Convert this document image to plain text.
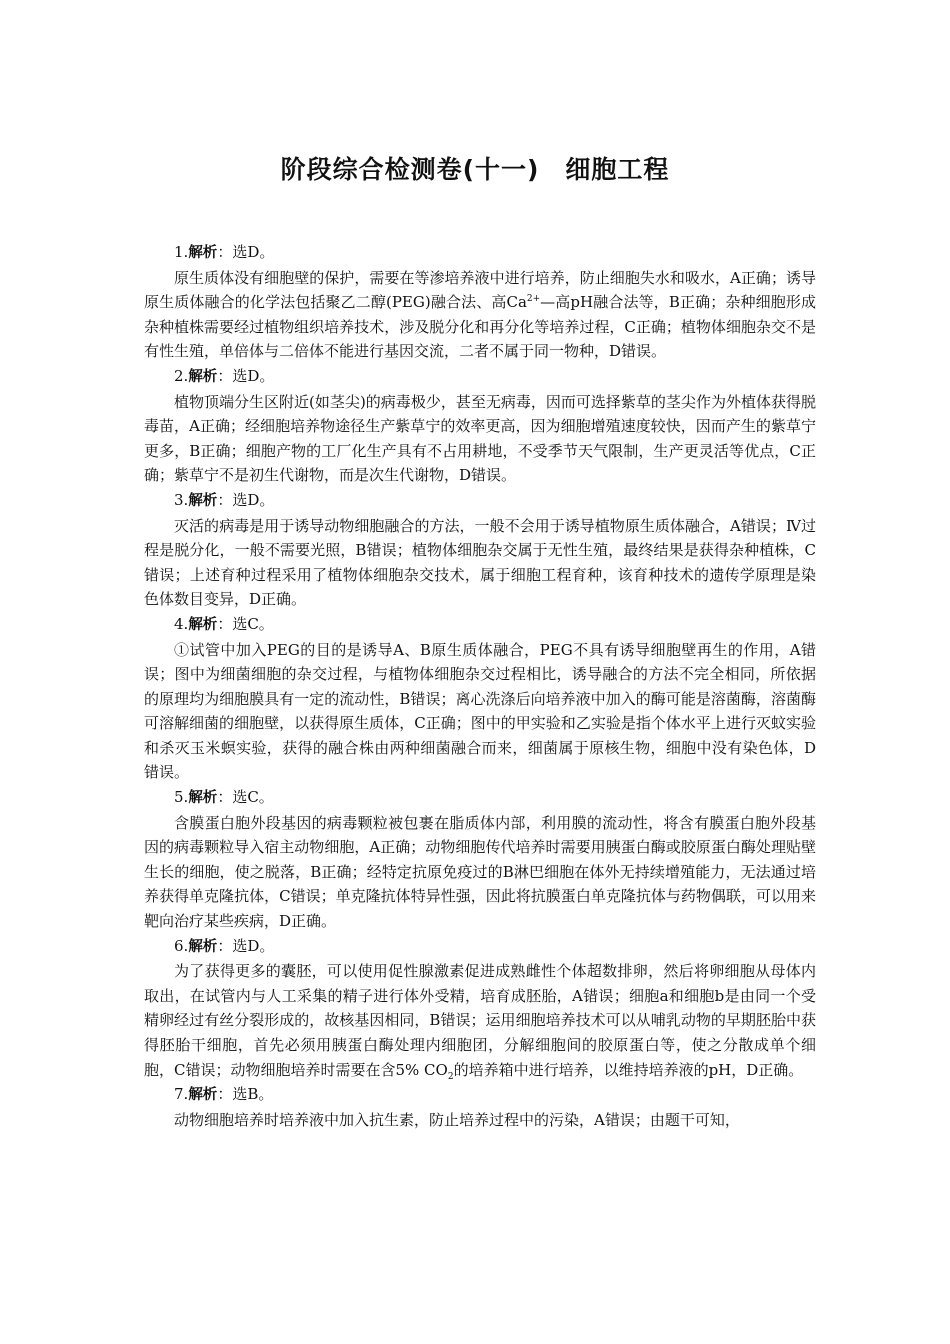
阶段综合检测卷(十一) 细胞工程

1.解析：选D。

原生质体没有细胞壁的保护，需要在等渗培养液中进行培养，防止细胞失水和吸水，A正确；诱导原生质体融合的化学法包括聚乙二醇(PEG)融合法、高$Ca^{2+}—$高pH融合法等，B正确；杂种细胞形成杂种植株需要经过植物组织培养技术，涉及脱分化和再分化等培养过程，C正确；植物体细胞杂交不是有性生殖，单倍体与二倍体不能进行基因交流，二者不属于同一物种，D错误。

2.解析：选D。

植物顶端分生区附近(如茎尖)的病毒极少，甚至无病毒，因而可选择紫草的茎尖作为外植体获得脱毒苗，A正确；经细胞培养物途径生产紫草宁的效率更高，因为细胞增殖速度较快，因而产生的紫草宁更多，B正确；细胞产物的工厂化生产具有不占用耕地，不受季节天气限制，生产更灵活等优点，C正确；紫草宁不是初生代谢物，而是次生代谢物，D错误。

3.解析：选D。

灭活的病毒是用于诱导动物细胞融合的方法，一般不会用于诱导植物原生质体融合，A错误；Ⅳ过程是脱分化，一般不需要光照，B错误；植物体细胞杂交属于无性生殖，最终结果是获得杂种植株，C错误；上述育种过程采用了植物体细胞杂交技术，属于细胞工程育种，该育种技术的遗传学原理是染色体数目变异，D正确。

4.解析：选C。

①试管中加入PEG的目的是诱导A、B原生质体融合，PEG不具有诱导细胞壁再生的作用，A错误；图中为细菌细胞的杂交过程，与植物体细胞杂交过程相比，诱导融合的方法不完全相同，所依据的原理均为细胞膜具有一定的流动性，B错误；离心洗涤后向培养液中加入的酶可能是溶菌酶，溶菌酶可溶解细菌的细胞壁，以获得原生质体，C正确；图中的甲实验和乙实验是指个体水平上进行灭蚊实验和杀灭玉米螟实验，获得的融合株由两种细菌融合而来，细菌属于原核生物，细胞中没有染色体，D错误。

5.解析：选C。

含膜蛋白胞外段基因的病毒颗粒被包裹在脂质体内部，利用膜的流动性，将含有膜蛋白胞外段基因的病毒颗粒导入宿主动物细胞，A正确；动物细胞传代培养时需要用胰蛋白酶或胶原蛋白酶处理贴壁生长的细胞，使之脱落，B正确；经特定抗原免疫过的B淋巴细胞在体外无持续增殖能力，无法通过培养获得单克隆抗体，C错误；单克隆抗体特异性强，因此将抗膜蛋白单克隆抗体与药物偶联，可以用来靶向治疗某些疾病，D正确。

6.解析：选D。

为了获得更多的囊胚，可以使用促性腺激素促进成熟雌性个体超数排卵，然后将卵细胞从母体内取出，在试管内与人工采集的精子进行体外受精，培育成胚胎，A错误；细胞a和细胞b是由同一个受精卵经过有丝分裂形成的，故核基因相同，B错误；运用细胞培养技术可以从哺乳动物的早期胚胎中获得胚胎干细胞，首先必须用胰蛋白酶处理内细胞团，分解细胞间的胶原蛋白等，使之分散成单个细胞，C错误；动物细胞培养时需要在含5% $CO_2$的培养箱中进行培养，以维持培养液的pH，D正确。

7.解析：选B。

动物细胞培养时培养液中加入抗生素，防止培养过程中的污染，A错误；由题干可知，
